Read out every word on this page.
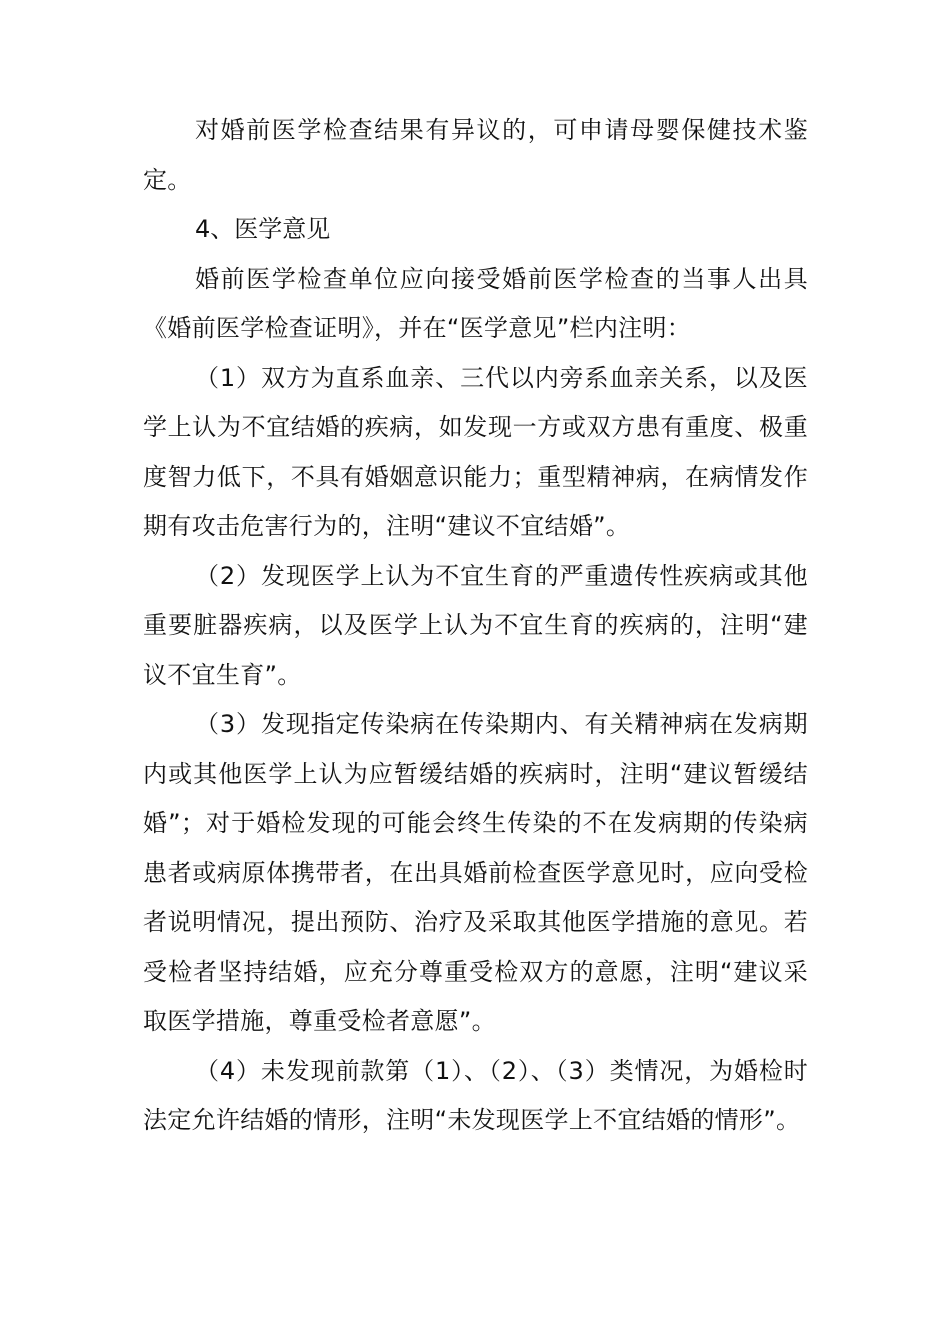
对婚前医学检查结果有异议的，可申请母婴保健技术鉴定。

4、医学意见

婚前医学检查单位应向接受婚前医学检查的当事人出具《婚前医学检查证明》，并在“医学意见”栏内注明：

（1）双方为直系血亲、三代以内旁系血亲关系，以及医学上认为不宜结婚的疾病，如发现一方或双方患有重度、极重度智力低下，不具有婚姻意识能力；重型精神病，在病情发作期有攻击危害行为的，注明“建议不宜结婚”。

（2）发现医学上认为不宜生育的严重遗传性疾病或其他重要脏器疾病，以及医学上认为不宜生育的疾病的，注明“建议不宜生育”。

（3）发现指定传染病在传染期内、有关精神病在发病期内或其他医学上认为应暂缓结婚的疾病时，注明“建议暂缓结婚”；对于婚检发现的可能会终生传染的不在发病期的传染病患者或病原体携带者，在出具婚前检查医学意见时，应向受检者说明情况，提出预防、治疗及采取其他医学措施的意见。若受检者坚持结婚，应充分尊重受检双方的意愿，注明“建议采取医学措施，尊重受检者意愿”。

（4）未发现前款第（1）、（2）、（3）类情况，为婚检时法定允许结婚的情形，注明“未发现医学上不宜结婚的情形”。
